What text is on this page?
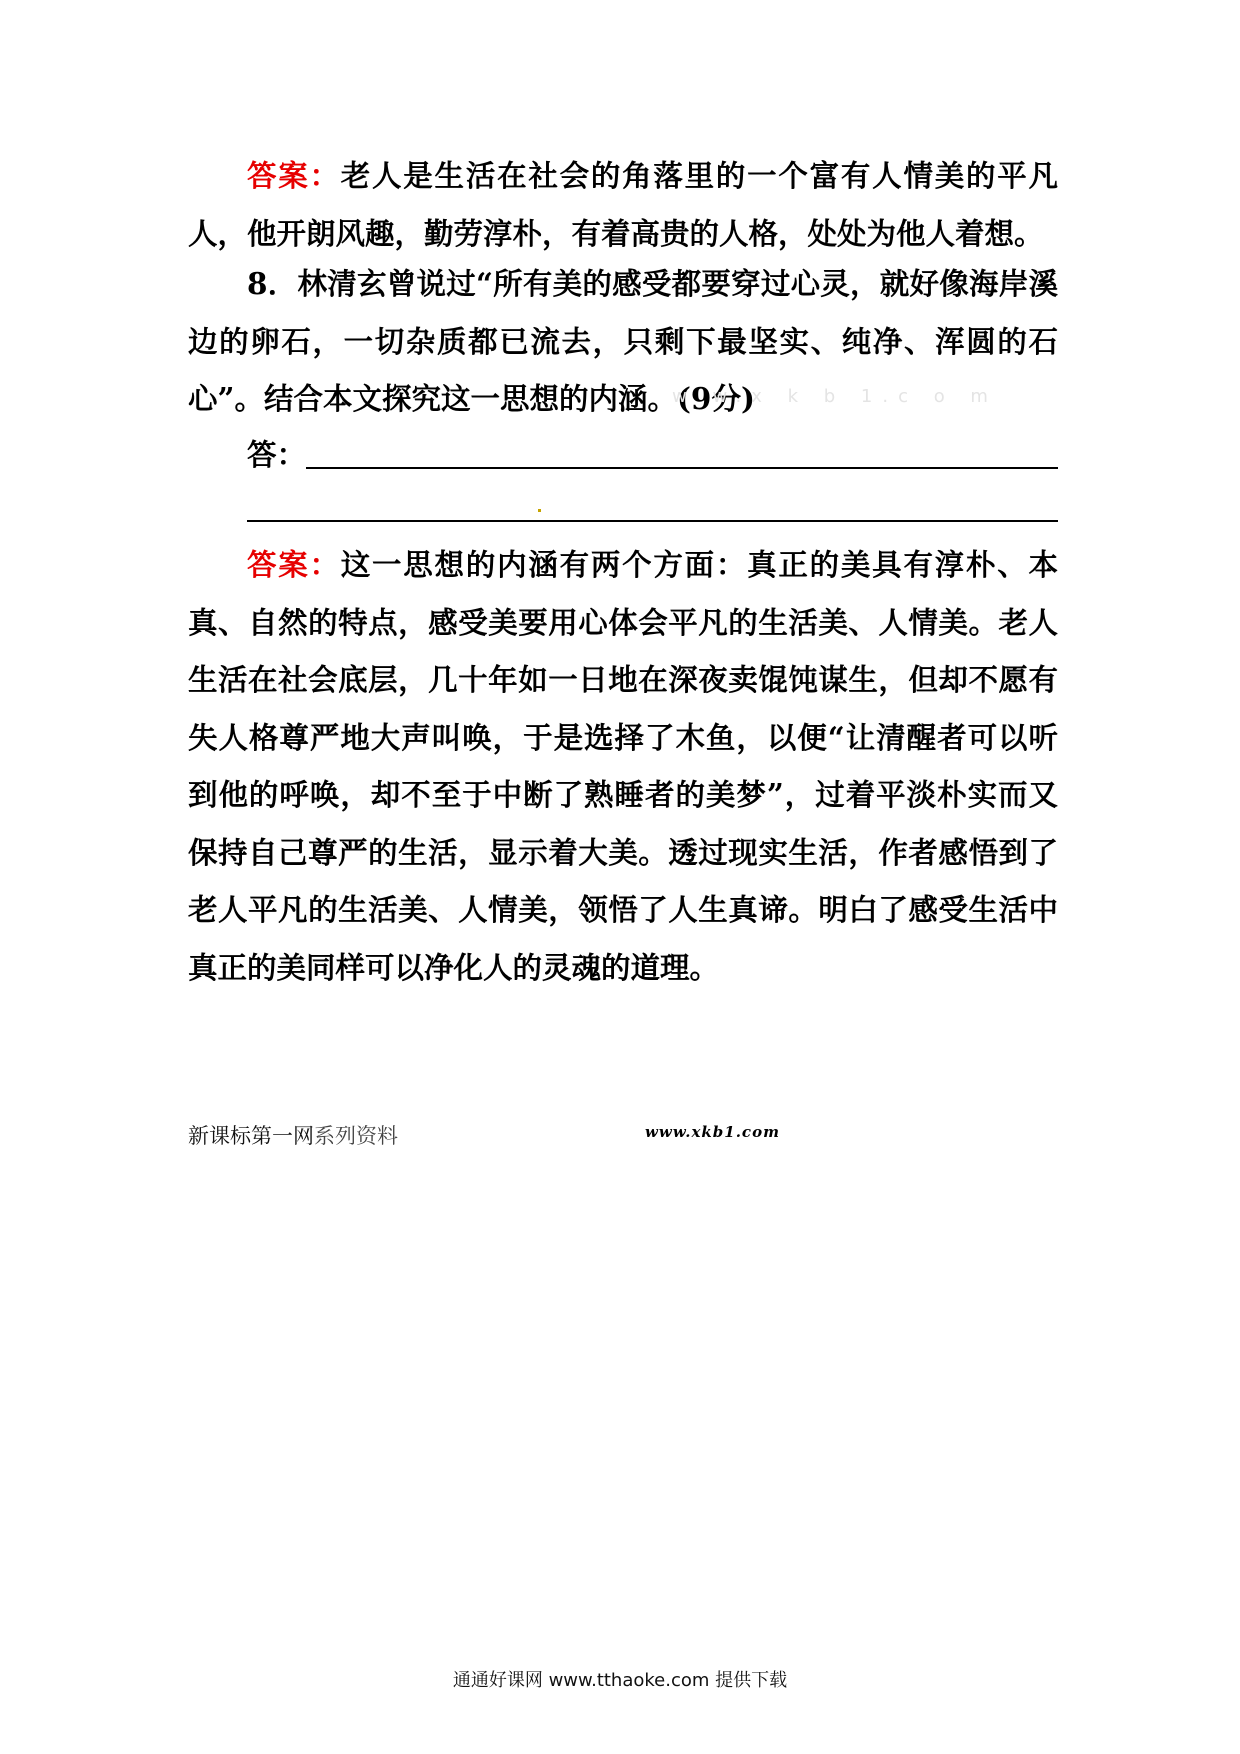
答案：老人是生活在社会的角落里的一个富有人情美的平凡人，他开朗风趣，勤劳淳朴，有着高贵的人格，处处为他人着想。

8．林清玄曾说过“所有美的感受都要穿过心灵，就好像海岸溪边的卵石，一切杂质都已流去，只剩下最坚实、纯净、浑圆的石心”。结合本文探究这一思想的内涵。(9分)

w w.x k b 1.c o m
答：

答案：这一思想的内涵有两个方面：真正的美具有淳朴、本真、自然的特点，感受美要用心体会平凡的生活美、人情美。老人生活在社会底层，几十年如一日地在深夜卖馄饨谋生，但却不愿有失人格尊严地大声叫唤，于是选择了木鱼，以便“让清醒者可以听到他的呼唤，却不至于中断了熟睡者的美梦”，过着平淡朴实而又保持自己尊严的生活，显示着大美。透过现实生活，作者感悟到了老人平凡的生活美、人情美，领悟了人生真谛。明白了感受生活中真正的美同样可以净化人的灵魂的道理。

新课标第一网系列资料	www.xkb1.com
通通好课网 www.tthaoke.com 提供下载
